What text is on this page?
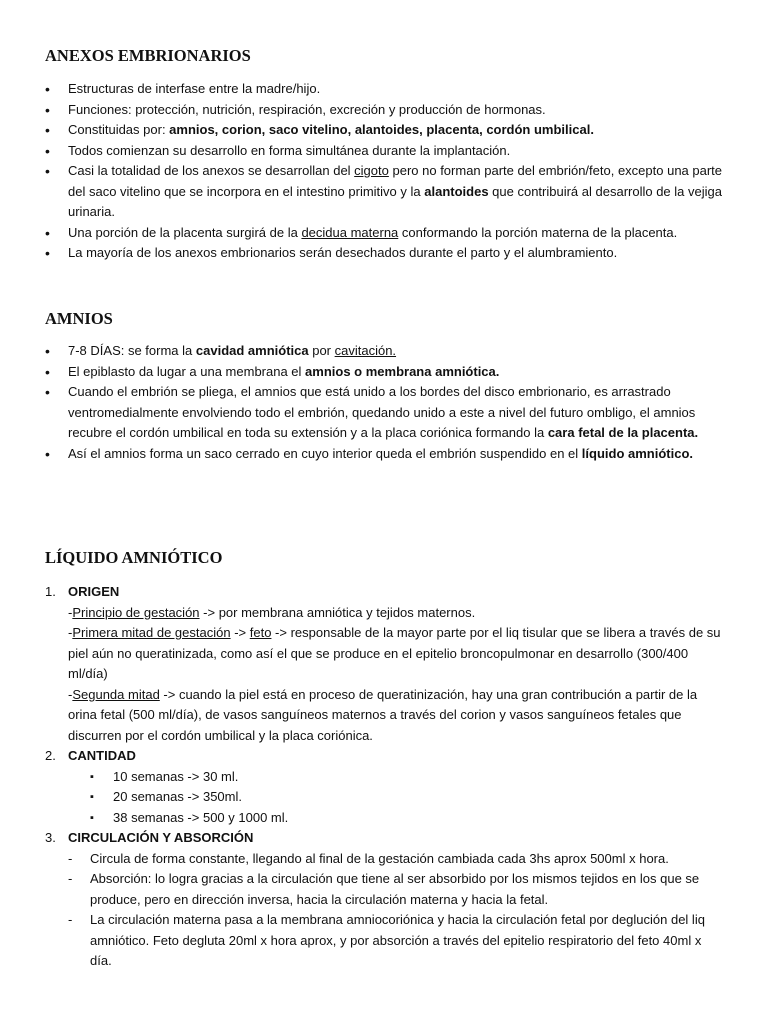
ANEXOS EMBRIONARIOS
• Estructuras de interfase entre la madre/hijo.
• Funciones: protección, nutrición, respiración, excreción y producción de hormonas.
• Constituidas por: amnios, corion, saco vitelino, alantoides, placenta, cordón umbilical.
• Todos comienzan su desarrollo en forma simultánea durante la implantación.
• Casi la totalidad de los anexos se desarrollan del cigoto pero no forman parte del embrión/feto, excepto una parte del saco vitelino que se incorpora en el intestino primitivo y la alantoides que contribuirá al desarrollo de la vejiga urinaria.
• Una porción de la placenta surgirá de la decidua materna conformando la porción materna de la placenta.
• La mayoría de los anexos embrionarios serán desechados durante el parto y el alumbramiento.
AMNIOS
• 7-8 DÍAS: se forma la cavidad amniótica por cavitación.
• El epiblasto da lugar a una membrana el amnios o membrana amniótica.
• Cuando el embrión se pliega, el amnios que está unido a los bordes del disco embrionario, es arrastrado ventromedialmente envolviendo todo el embrión, quedando unido a este a nivel del futuro ombligo, el amnios recubre el cordón umbilical en toda su extensión y a la placa coriónica formando la cara fetal de la placenta.
• Así el amnios forma un saco cerrado en cuyo interior queda el embrión suspendido en el líquido amniótico.
LÍQUIDO AMNIÓTICO
1. ORIGEN
-Principio de gestación -> por membrana amniótica y tejidos maternos.
-Primera mitad de gestación -> feto -> responsable de la mayor parte por el liq tisular que se libera a través de su piel aún no queratinizada, como así el que se produce en el epitelio broncopulmonar en desarrollo (300/400 ml/día)
-Segunda mitad -> cuando la piel está en proceso de queratinización, hay una gran contribución a partir de la orina fetal (500 ml/día), de vasos sanguíneos maternos a través del corion y vasos sanguíneos fetales que discurren por el cordón umbilical y la placa coriónica.
2. CANTIDAD
▪ 10 semanas -> 30 ml.
▪ 20 semanas -> 350ml.
▪ 38 semanas -> 500 y 1000 ml.
3. CIRCULACIÓN Y ABSORCIÓN
- Circula de forma constante, llegando al final de la gestación cambiada cada 3hs aprox 500ml x hora.
- Absorción: lo logra gracias a la circulación que tiene al ser absorbido por los mismos tejidos en los que se produce, pero en dirección inversa, hacia la circulación materna y hacia la fetal.
- La circulación materna pasa a la membrana amniocoriónica y hacia la circulación fetal por deglución del liq amniótico. Feto degluta 20ml x hora aprox, y por absorción a través del epitelio respiratorio del feto 40ml x día.
